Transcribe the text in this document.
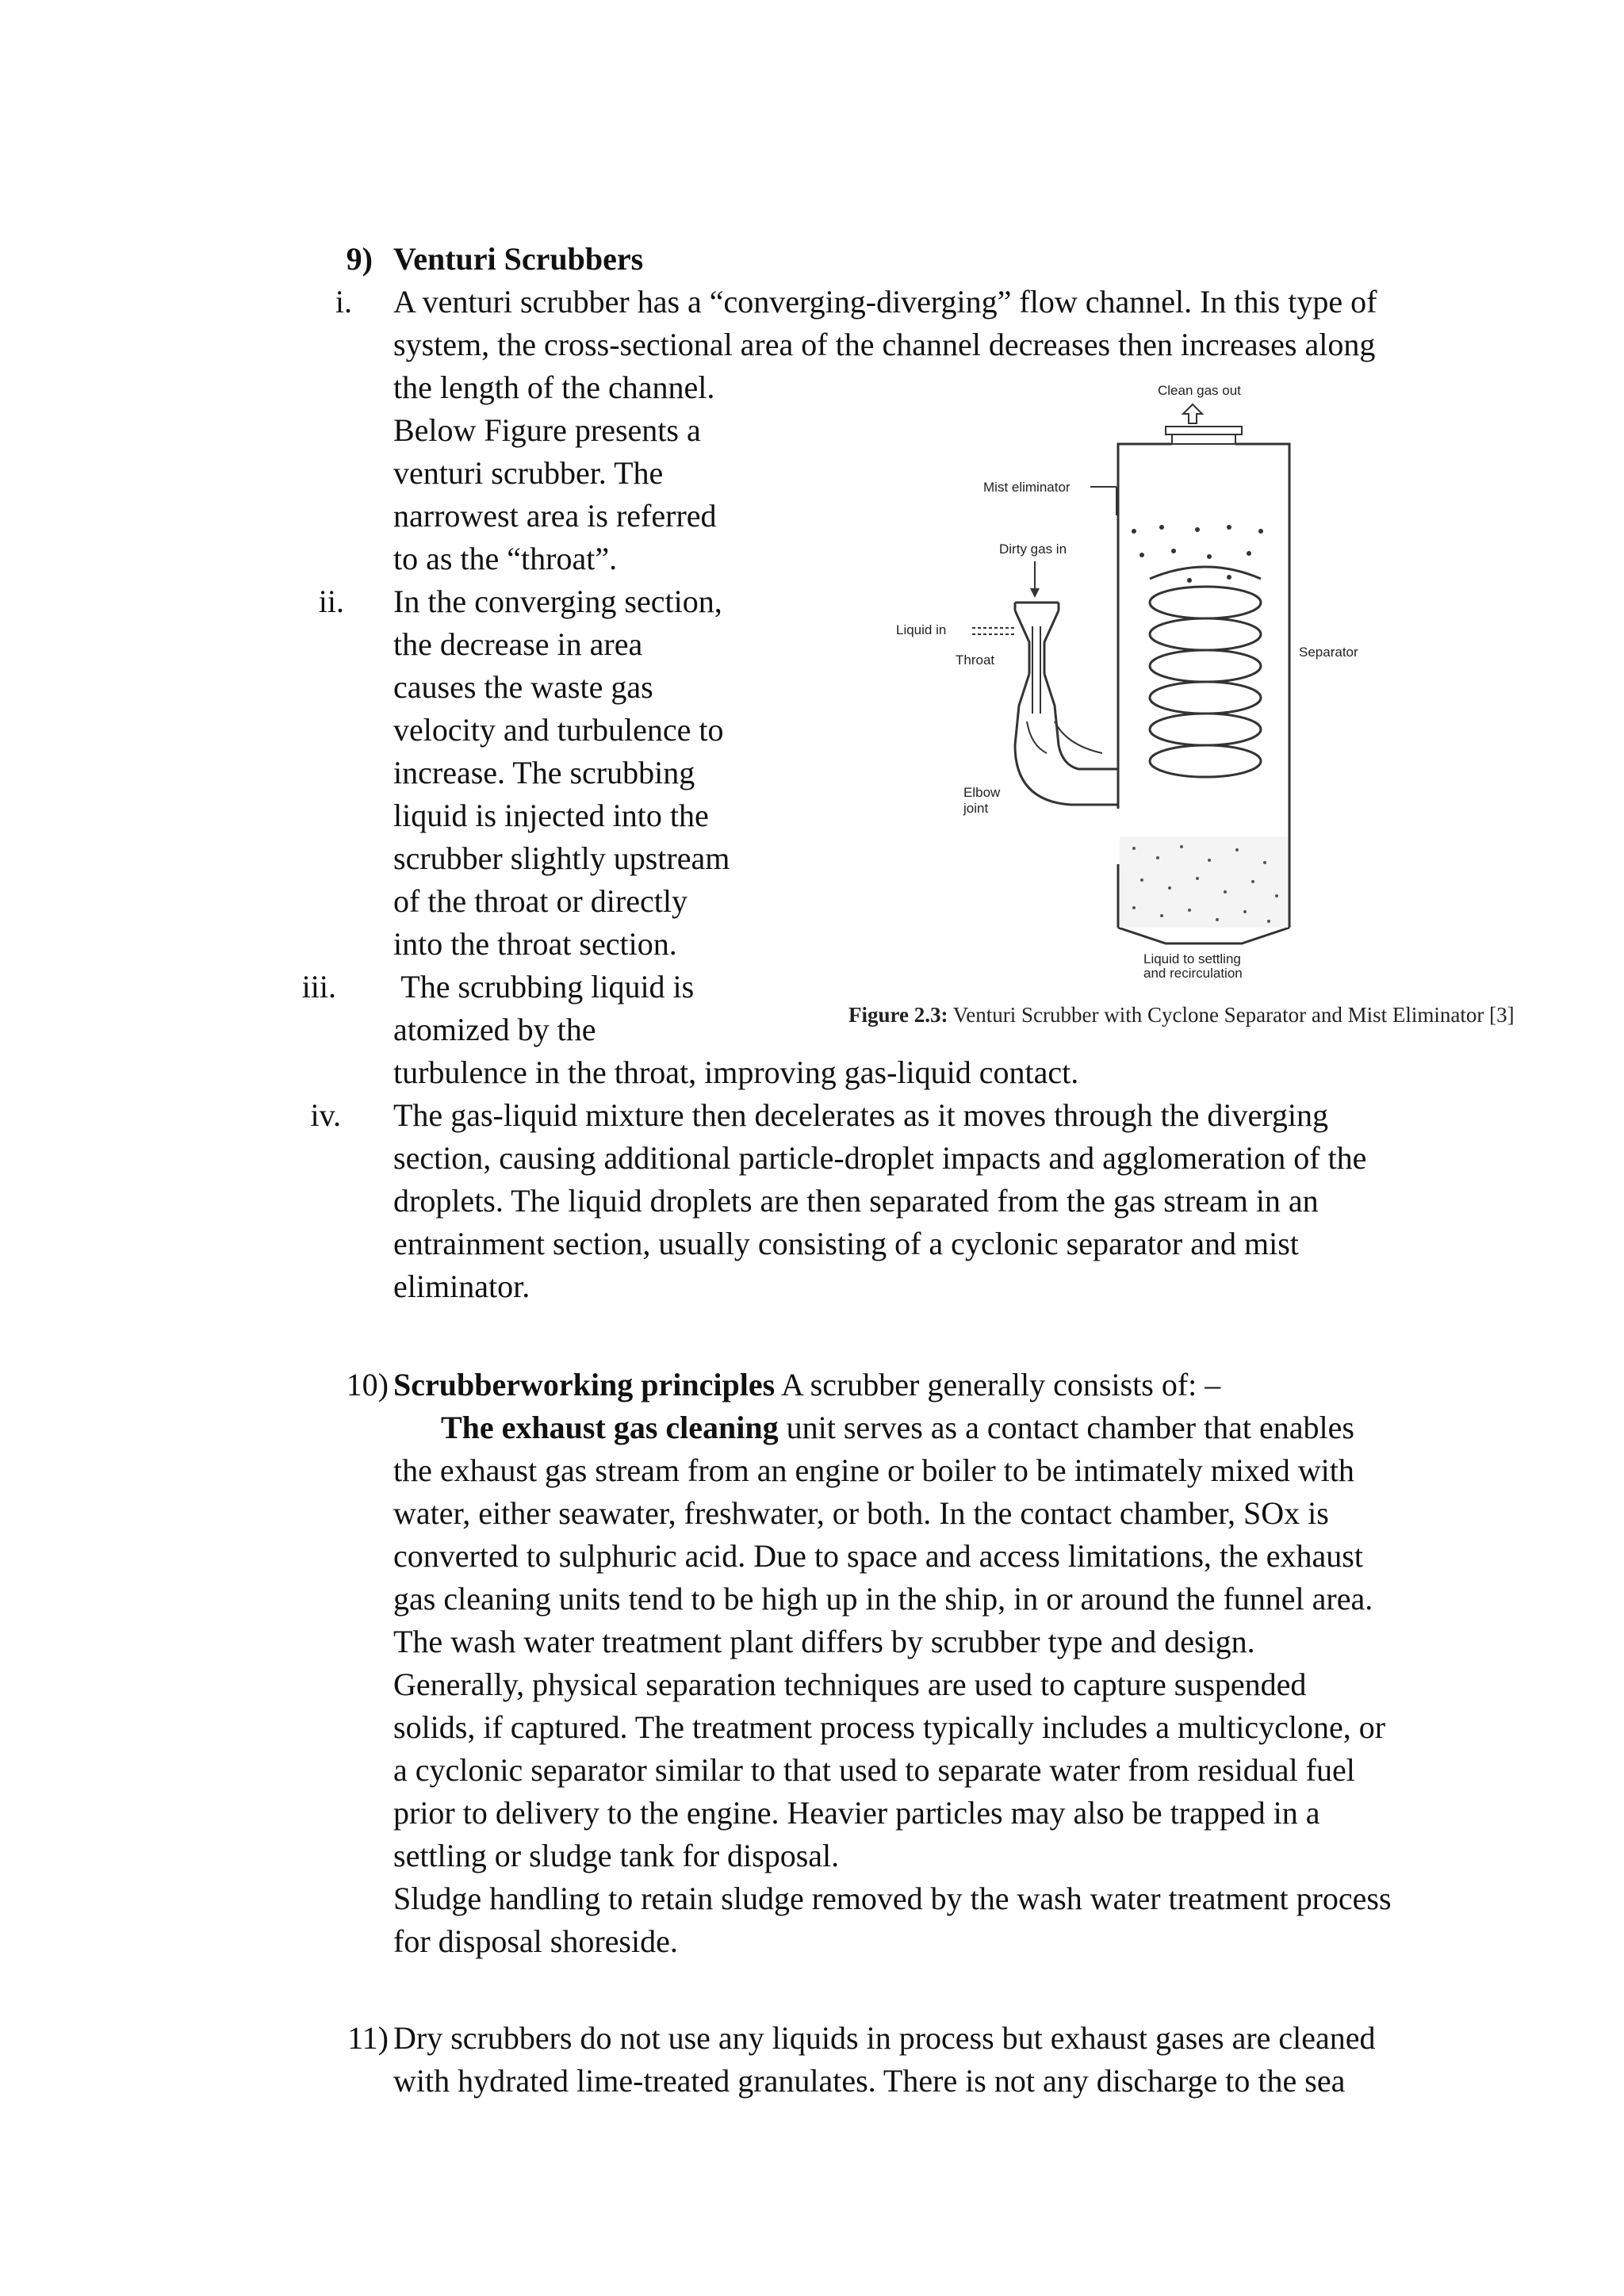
9) Venturi Scrubbers
i. A venturi scrubber has a “converging-diverging” flow channel. In this type of
system, the cross-sectional area of the channel decreases then increases along
the length of the channel.
Below Figure presents a
venturi scrubber. The
narrowest area is referred
to as the “throat”.
ii. In the converging section,
the decrease in area
causes the waste gas
velocity and turbulence to
increase. The scrubbing
liquid is injected into the
scrubber slightly upstream
of the throat or directly
into the throat section.
iii. The scrubbing liquid is
atomized by the
turbulence in the throat, improving gas-liquid contact.
iv. The gas-liquid mixture then decelerates as it moves through the diverging
section, causing additional particle-droplet impacts and agglomeration of the
droplets. The liquid droplets are then separated from the gas stream in an
entrainment section, usually consisting of a cyclonic separator and mist
eliminator.
Clean gas out
Mist eliminator
Dirty gas in
Liquid in
Throat
Separator
Elbow
joint
Liquid to settling
and recirculation
Figure 2.3: Venturi Scrubber with Cyclone Separator and Mist Eliminator [3]
10) Scrubberworking principles A scrubber generally consists of: –
The exhaust gas cleaning unit serves as a contact chamber that enables
the exhaust gas stream from an engine or boiler to be intimately mixed with
water, either seawater, freshwater, or both. In the contact chamber, SOx is
converted to sulphuric acid. Due to space and access limitations, the exhaust
gas cleaning units tend to be high up in the ship, in or around the funnel area.
The wash water treatment plant differs by scrubber type and design.
Generally, physical separation techniques are used to capture suspended
solids, if captured. The treatment process typically includes a multicyclone, or
a cyclonic separator similar to that used to separate water from residual fuel
prior to delivery to the engine. Heavier particles may also be trapped in a
settling or sludge tank for disposal.
Sludge handling to retain sludge removed by the wash water treatment process
for disposal shoreside.
11) Dry scrubbers do not use any liquids in process but exhaust gases are cleaned
with hydrated lime-treated granulates. There is not any discharge to the sea
